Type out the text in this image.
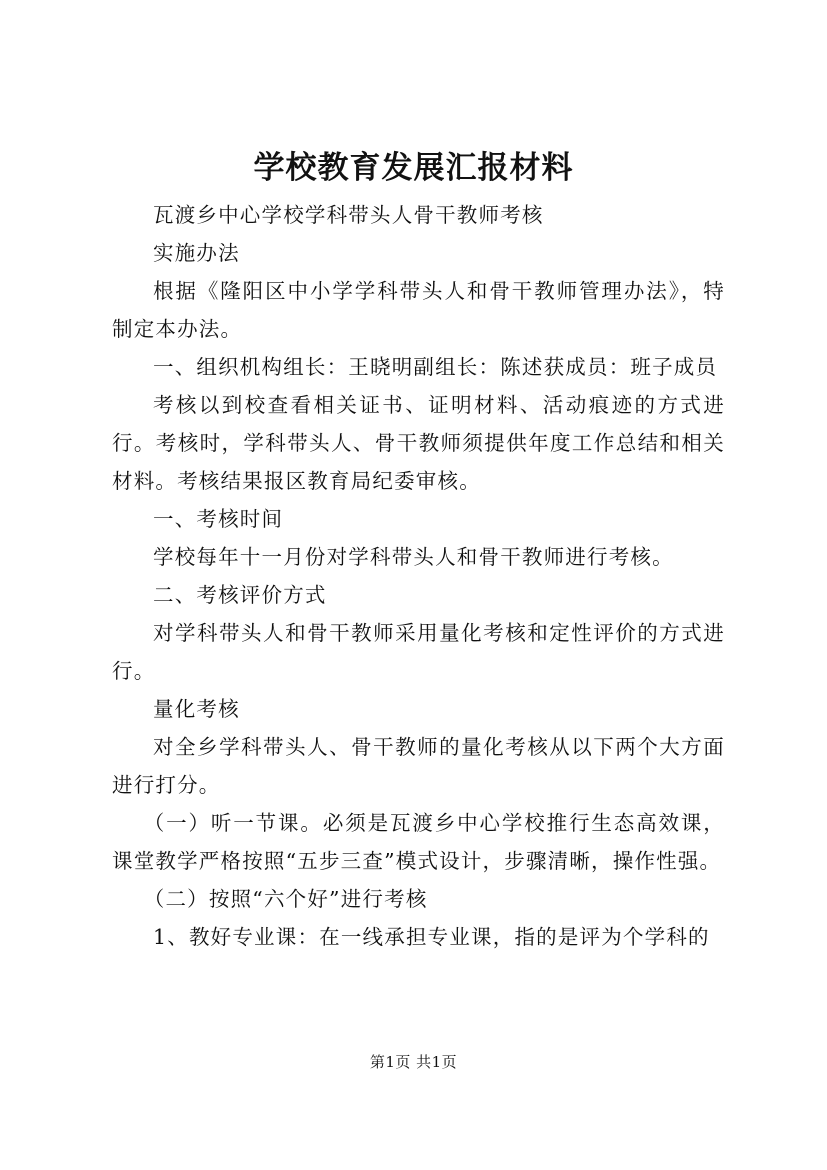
学校教育发展汇报材料

瓦渡乡中心学校学科带头人骨干教师考核

实施办法

根据《隆阳区中小学学科带头人和骨干教师管理办法》，特制定本办法。

一、组织机构组长：王晓明副组长：陈述获成员：班子成员

考核以到校查看相关证书、证明材料、活动痕迹的方式进行。考核时，学科带头人、骨干教师须提供年度工作总结和相关材料。考核结果报区教育局纪委审核。

一、考核时间

学校每年十一月份对学科带头人和骨干教师进行考核。

二、考核评价方式

对学科带头人和骨干教师采用量化考核和定性评价的方式进行。

量化考核

对全乡学科带头人、骨干教师的量化考核从以下两个大方面进行打分。

（一）听一节课。必须是瓦渡乡中心学校推行生态高效课，课堂教学严格按照“五步三查”模式设计，步骤清晰，操作性强。

（二）按照“六个好”进行考核

1、教好专业课：在一线承担专业课，指的是评为个学科的

第1页 共1页
